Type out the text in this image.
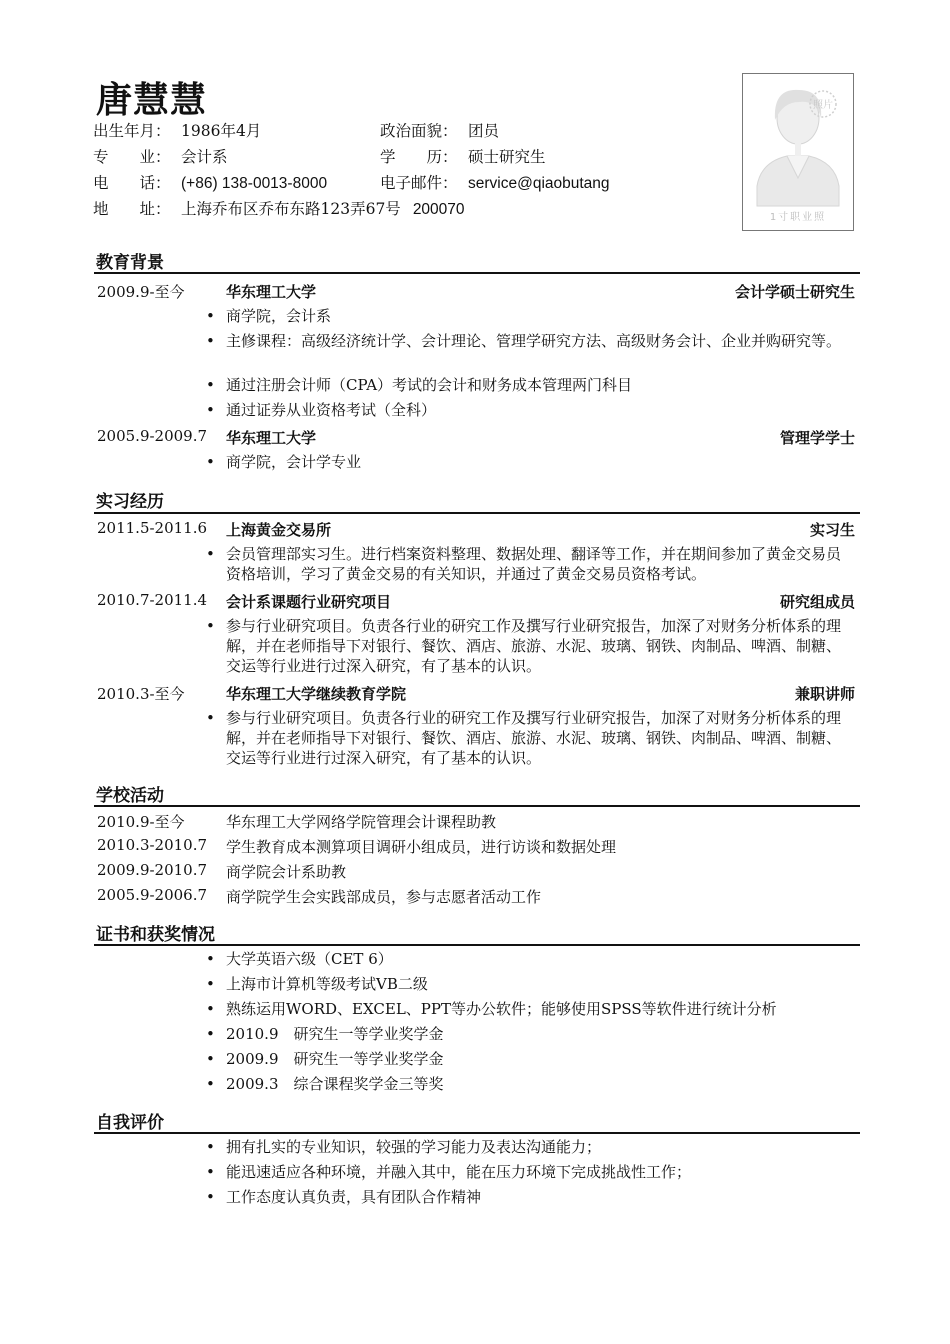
唐慧慧
出生年月： 1986年4月	政治面貌： 团员
专　　业： 会计系	学　　历： 硕士研究生
电　　话： (+86) 138-0013-8000	电子邮件： service@qiaobutang
地　　址： 上海乔布区乔布东路123弄67号 200070
照片
1寸职业照
教育背景
2009.9-至今	华东理工大学	会计学硕士研究生
• 商学院，会计系
• 主修课程：高级经济统计学、会计理论、管理学研究方法、高级财务会计、企业并购研究等。
• 通过注册会计师（CPA）考试的会计和财务成本管理两门科目
• 通过证券从业资格考试（全科）
2005.9-2009.7 华东理工大学	管理学学士
• 商学院，会计学专业
实习经历
2011.5-2011.6 上海黄金交易所	实习生
• 会员管理部实习生。进行档案资料整理、数据处理、翻译等工作，并在期间参加了黄金交易员资格培训，学习了黄金交易的有关知识，并通过了黄金交易员资格考试。
2010.7-2011.4 会计系课题行业研究项目	研究组成员
• 参与行业研究项目。负责各行业的研究工作及撰写行业研究报告，加深了对财务分析体系的理解，并在老师指导下对银行、餐饮、酒店、旅游、水泥、玻璃、钢铁、肉制品、啤酒、制糖、交运等行业进行过深入研究，有了基本的认识。
2010.3-至今	华东理工大学继续教育学院	兼职讲师
• 参与行业研究项目。负责各行业的研究工作及撰写行业研究报告，加深了对财务分析体系的理解，并在老师指导下对银行、餐饮、酒店、旅游、水泥、玻璃、钢铁、肉制品、啤酒、制糖、交运等行业进行过深入研究，有了基本的认识。
学校活动
2010.9-至今	华东理工大学网络学院管理会计课程助教
2010.3-2010.7 学生教育成本测算项目调研小组成员，进行访谈和数据处理
2009.9-2010.7 商学院会计系助教
2005.9-2006.7 商学院学生会实践部成员，参与志愿者活动工作
证书和获奖情况
• 大学英语六级（CET 6）
• 上海市计算机等级考试VB二级
• 熟练运用WORD、EXCEL、PPT等办公软件；能够使用SPSS等软件进行统计分析
• 2010.9　研究生一等学业奖学金
• 2009.9　研究生一等学业奖学金
• 2009.3　综合课程奖学金三等奖
自我评价
• 拥有扎实的专业知识，较强的学习能力及表达沟通能力；
• 能迅速适应各种环境，并融入其中，能在压力环境下完成挑战性工作；
• 工作态度认真负责，具有团队合作精神
